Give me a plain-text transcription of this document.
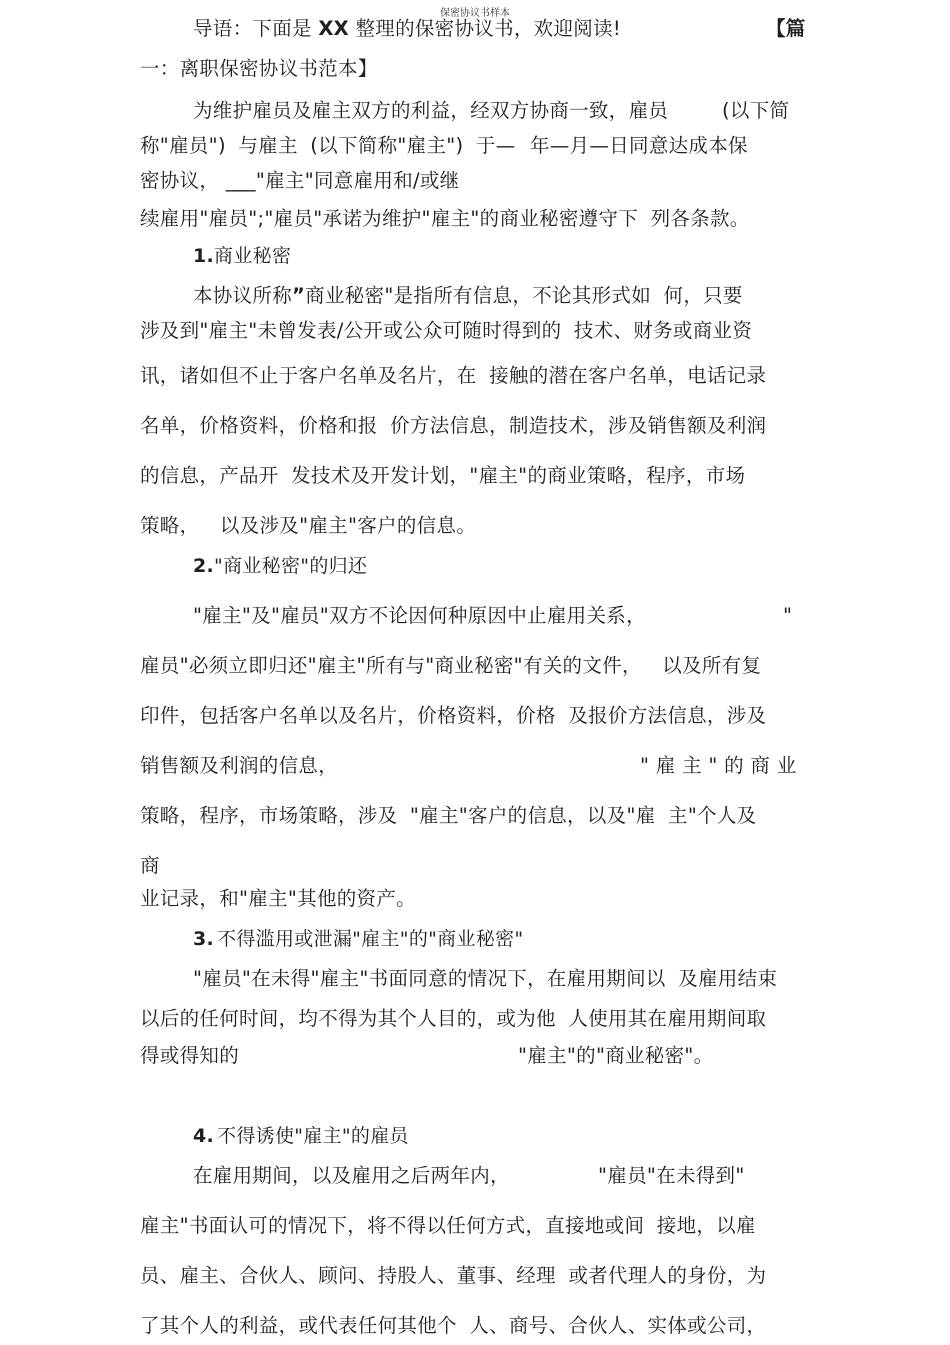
保密协议书样本
导语：下面是 XX 整理的保密协议书，欢迎阅读!	【篇
一：离职保密协议书范本】
为维护雇员及雇主双方的利益，经双方协商一致，雇员	(以下简
称"雇员") 与雇主 (以下简称"雇主") 于— 年—月—日同意达成本保
密协议， ___"雇主"同意雇用和/或继
续雇用"雇员";"雇员"承诺为维护"雇主"的商业秘密遵守下 列各条款。
1.商业秘密
本协议所称”商业秘密"是指所有信息，不论其形式如 何，只要
涉及到"雇主"未曾发表/公开或公众可随时得到的 技术、财务或商业资
讯，诸如但不止于客户名单及名片，在 接触的潜在客户名单，电话记录
名单，价格资料，价格和报 价方法信息，制造技术，涉及销售额及利润
的信息，产品开 发技术及开发计划，"雇主"的商业策略，程序，市场
策略， 以及涉及"雇主"客户的信息。
2."商业秘密"的归还
"雇主"及"雇员"双方不论因何种原因中止雇用关系，	"
雇员"必须立即归还"雇主"所有与"商业秘密"有关的文件， 以及所有复
印件，包括客户名单以及名片，价格资料，价格 及报价方法信息，涉及
销售额及利润的信息，	" 雇 主 " 的 商 业
策略，程序，市场策略，涉及 "雇主"客户的信息，以及"雇 主"个人及
商
业记录，和"雇主"其他的资产。
3. 不得滥用或泄漏"雇主"的"商业秘密"
"雇员"在未得"雇主"书面同意的情况下，在雇用期间以 及雇用结束
以后的任何时间，均不得为其个人目的，或为他 人使用其在雇用期间取
得或得知的	"雇主"的"商业秘密"。
4. 不得诱使"雇主"的雇员
在雇用期间，以及雇用之后两年内，	"雇员"在未得到"
雇主"书面认可的情况下，将不得以任何方式，直接地或间 接地，以雇
员、雇主、合伙人、顾问、持股人、董事、经理 或者代理人的身份，为
了其个人的利益，或代表任何其他个 人、商号、合伙人、实体或公司，
